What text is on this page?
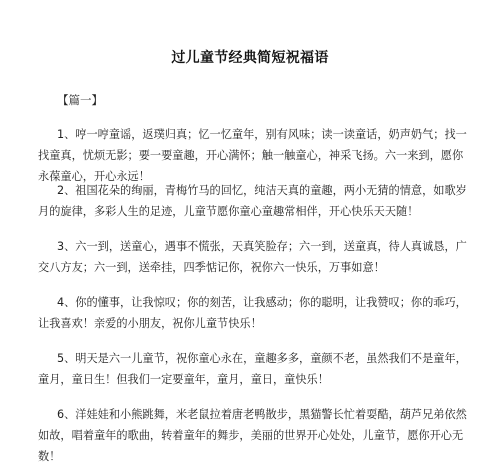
过儿童节经典简短祝福语
【篇一】
1、哼一哼童谣，返璞归真；忆一忆童年，别有风味；读一读童话，奶声奶气；找一找童真，忧烦无影；要一要童趣，开心满怀；触一触童心，神采飞扬。六一来到，愿你永葆童心，开心永远！
2、祖国花朵的绚丽，青梅竹马的回忆，纯洁天真的童趣，两小无猜的情意，如歌岁月的旋律，多彩人生的足迹，儿童节愿你童心童趣常相伴，开心快乐天天随！
3、六一到，送童心，遇事不慌张，天真笑脸存；六一到，送童真，待人真诚恳，广交八方友；六一到，送牵挂，四季惦记你，祝你六一快乐，万事如意！
4、你的懂事，让我惊叹；你的刻苦，让我感动；你的聪明，让我赞叹；你的乖巧，让我喜欢！亲爱的小朋友，祝你儿童节快乐！
5、明天是六一儿童节，祝你童心永在，童趣多多，童颜不老，虽然我们不是童年，童月，童日生！但我们一定要童年，童月，童日，童快乐！
6、洋娃娃和小熊跳舞，米老鼠拉着唐老鸭散步，黑猫警长忙着耍酷，葫芦兄弟依然如故，唱着童年的歌曲，转着童年的舞步，美丽的世界开心处处，儿童节，愿你开心无数！
